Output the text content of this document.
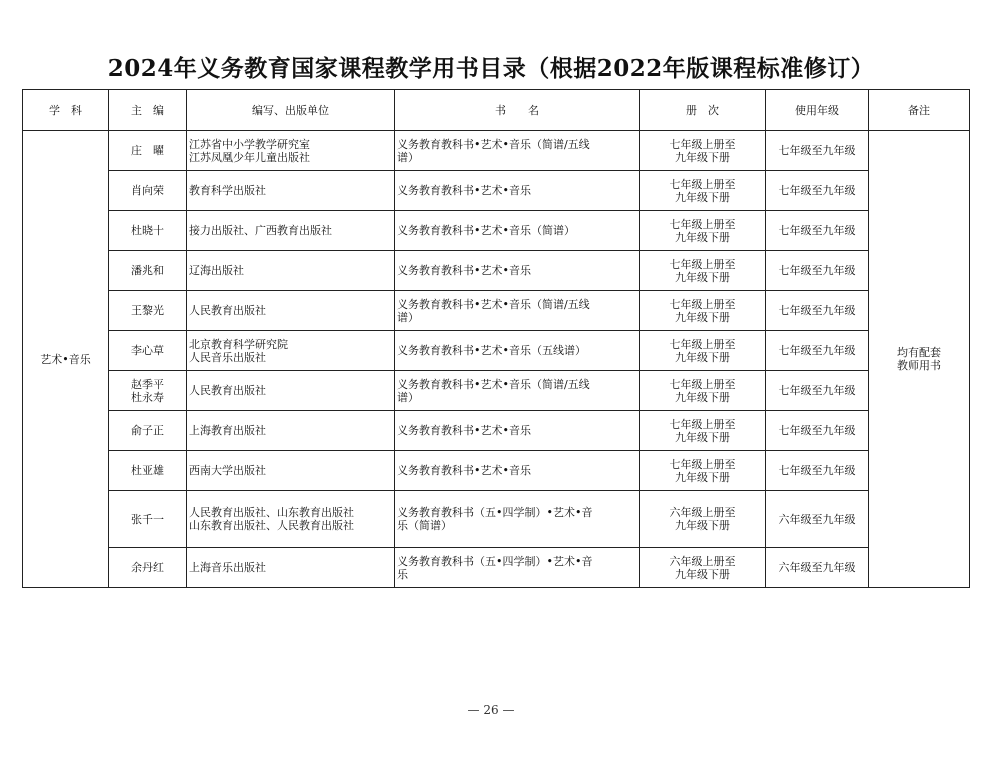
2024年义务教育国家课程教学用书目录（根据2022年版课程标准修订）
学　科	主　编	编写、出版单位	书　　名	册　次	使用年级	备注
艺术•音乐	庄　曜	江苏省中小学教学研究室
江苏凤凰少年儿童出版社	义务教育教科书•艺术•音乐（简谱/五线
谱）	七年级上册至
九年级下册	七年级至九年级	均有配套
教师用书

	肖向荣	教育科学出版社	义务教育教科书•艺术•音乐	七年级上册至
九年级下册	七年级至九年级	

	杜晓十	接力出版社、广西教育出版社	义务教育教科书•艺术•音乐（简谱）	七年级上册至
九年级下册	七年级至九年级	

	潘兆和	辽海出版社	义务教育教科书•艺术•音乐	七年级上册至
九年级下册	七年级至九年级	

	王黎光	人民教育出版社	义务教育教科书•艺术•音乐（简谱/五线
谱）	七年级上册至
九年级下册	七年级至九年级	

	李心草	北京教育科学研究院
人民音乐出版社	义务教育教科书•艺术•音乐（五线谱）	七年级上册至
九年级下册	七年级至九年级	

	赵季平
杜永寿	人民教育出版社	义务教育教科书•艺术•音乐（简谱/五线
谱）	七年级上册至
九年级下册	七年级至九年级	

	俞子正	上海教育出版社	义务教育教科书•艺术•音乐	七年级上册至
九年级下册	七年级至九年级	

	杜亚雄	西南大学出版社	义务教育教科书•艺术•音乐	七年级上册至
九年级下册	七年级至九年级	

	张千一	人民教育出版社、山东教育出版社
山东教育出版社、人民教育出版社	义务教育教科书（五•四学制）•艺术•音
乐（简谱）	六年级上册至
九年级下册	六年级至九年级	

	余丹红	上海音乐出版社	义务教育教科书（五•四学制）•艺术•音
乐	六年级上册至
九年级下册	六年级至九年级	
— 26 —
